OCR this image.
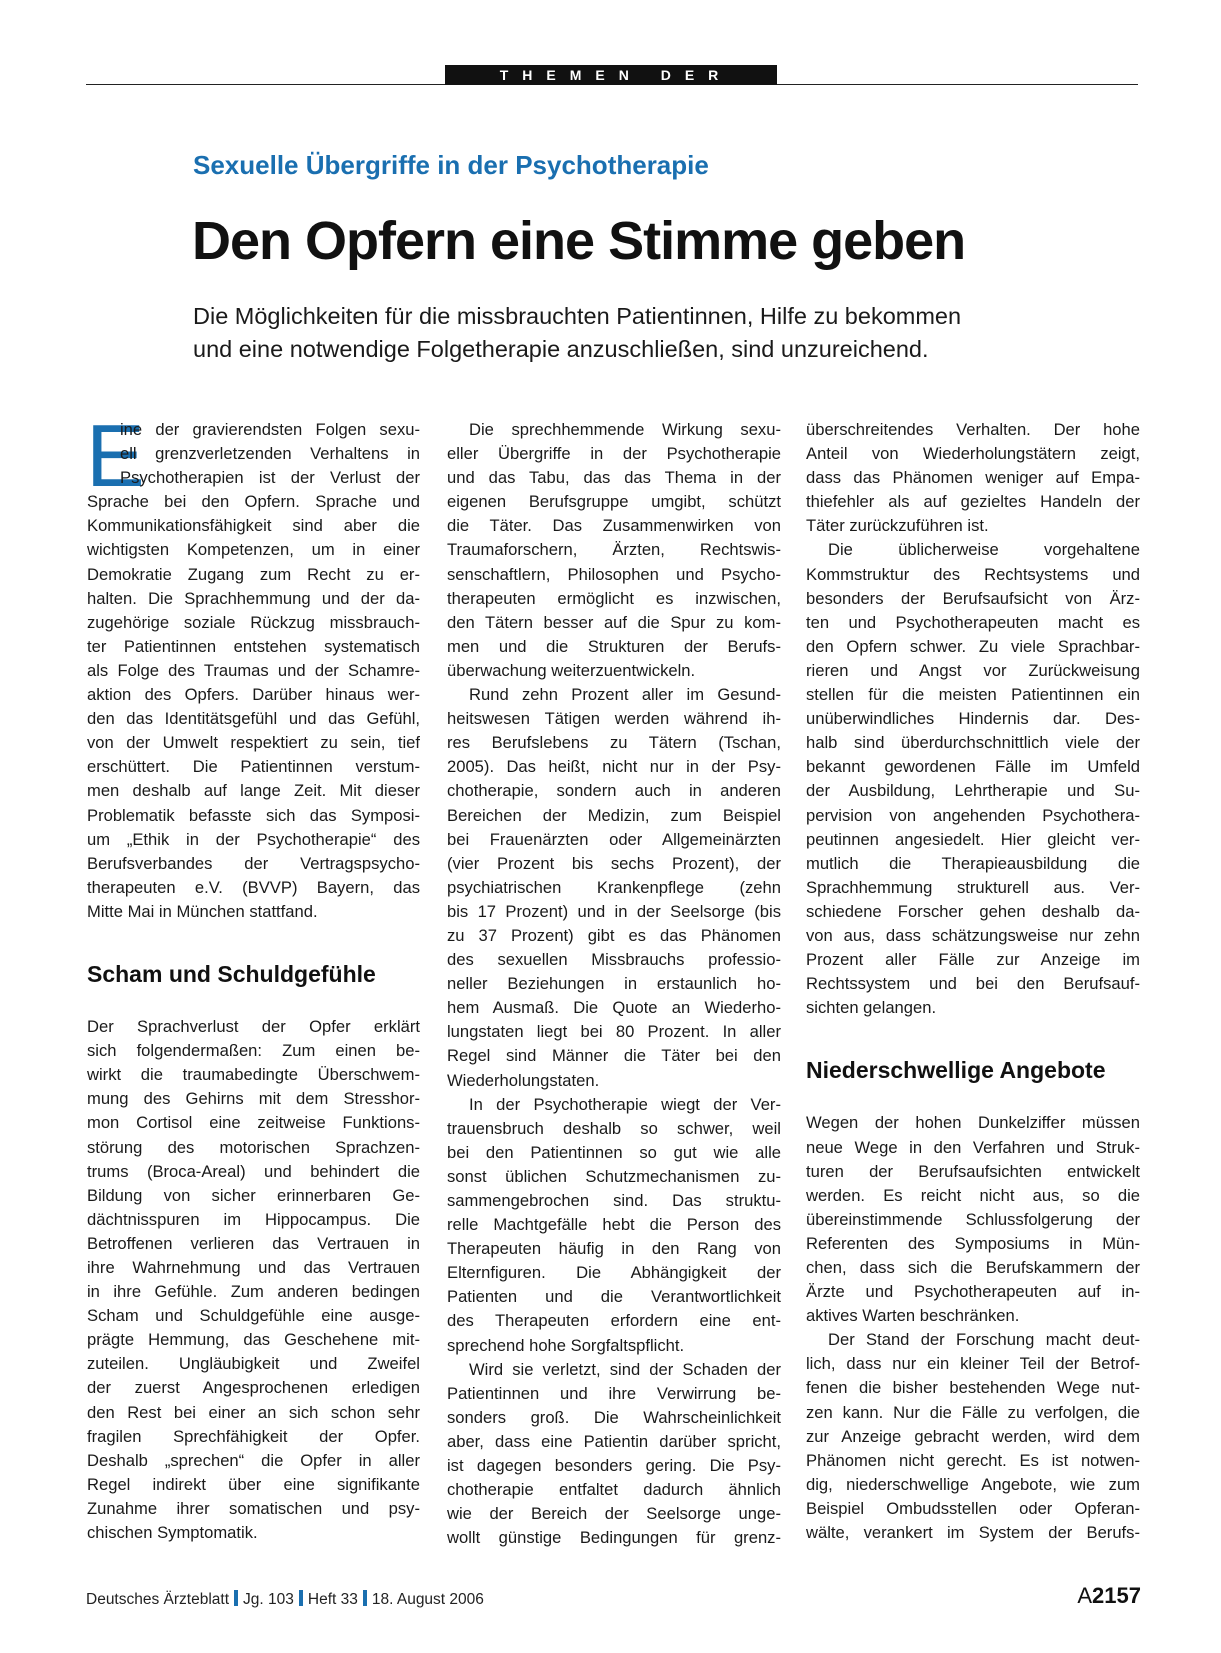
THEMEN DER ZEIT
Sexuelle Übergriffe in der Psychotherapie
Den Opfern eine Stimme geben
Die Möglichkeiten für die missbrauchten Patientinnen, Hilfe zu bekommen
und eine notwendige Folgetherapie anzuschließen, sind unzureichend.
E
ine der gravierendsten Folgen sexu-
ell grenzverletzenden Verhaltens in
Psychotherapien ist der Verlust der
Sprache bei den Opfern. Sprache und
Kommunikationsfähigkeit sind aber die
wichtigsten Kompetenzen, um in einer
Demokratie Zugang zum Recht zu er-
halten. Die Sprachhemmung und der da-
zugehörige soziale Rückzug missbrauch-
ter Patientinnen entstehen systematisch
als Folge des Traumas und der Schamre-
aktion des Opfers. Darüber hinaus wer-
den das Identitätsgefühl und das Gefühl,
von der Umwelt respektiert zu sein, tief
erschüttert. Die Patientinnen verstum-
men deshalb auf lange Zeit. Mit dieser
Problematik befasste sich das Symposi-
um „Ethik in der Psychotherapie“ des
Berufsverbandes der Vertragspsycho-
therapeuten e.V. (BVVP) Bayern, das
Mitte Mai in München stattfand.
Scham und Schuldgefühle
Der Sprachverlust der Opfer erklärt
sich folgendermaßen: Zum einen be-
wirkt die traumabedingte Überschwem-
mung des Gehirns mit dem Stresshor-
mon Cortisol eine zeitweise Funktions-
störung des motorischen Sprachzen-
trums (Broca-Areal) und behindert die
Bildung von sicher erinnerbaren Ge-
dächtnisspuren im Hippocampus. Die
Betroffenen verlieren das Vertrauen in
ihre Wahrnehmung und das Vertrauen
in ihre Gefühle. Zum anderen bedingen
Scham und Schuldgefühle eine ausge-
prägte Hemmung, das Geschehene mit-
zuteilen. Ungläubigkeit und Zweifel
der zuerst Angesprochenen erledigen
den Rest bei einer an sich schon sehr
fragilen Sprechfähigkeit der Opfer.
Deshalb „sprechen“ die Opfer in aller
Regel indirekt über eine signifikante
Zunahme ihrer somatischen und psy-
chischen Symptomatik.
Die sprechhemmende Wirkung sexu-
eller Übergriffe in der Psychotherapie
und das Tabu, das das Thema in der
eigenen Berufsgruppe umgibt, schützt
die Täter. Das Zusammenwirken von
Traumaforschern, Ärzten, Rechtswis-
senschaftlern, Philosophen und Psycho-
therapeuten ermöglicht es inzwischen,
den Tätern besser auf die Spur zu kom-
men und die Strukturen der Berufs-
überwachung weiterzuentwickeln.
Rund zehn Prozent aller im Gesund-
heitswesen Tätigen werden während ih-
res Berufslebens zu Tätern (Tschan,
2005). Das heißt, nicht nur in der Psy-
chotherapie, sondern auch in anderen
Bereichen der Medizin, zum Beispiel
bei Frauenärzten oder Allgemeinärzten
(vier Prozent bis sechs Prozent), der
psychiatrischen Krankenpflege (zehn
bis 17 Prozent) und in der Seelsorge (bis
zu 37 Prozent) gibt es das Phänomen
des sexuellen Missbrauchs professio-
neller Beziehungen in erstaunlich ho-
hem Ausmaß. Die Quote an Wiederho-
lungstaten liegt bei 80 Prozent. In aller
Regel sind Männer die Täter bei den
Wiederholungstaten.
In der Psychotherapie wiegt der Ver-
trauensbruch deshalb so schwer, weil
bei den Patientinnen so gut wie alle
sonst üblichen Schutzmechanismen zu-
sammengebrochen sind. Das struktu-
relle Machtgefälle hebt die Person des
Therapeuten häufig in den Rang von
Elternfiguren. Die Abhängigkeit der
Patienten und die Verantwortlichkeit
des Therapeuten erfordern eine ent-
sprechend hohe Sorgfaltspflicht.
Wird sie verletzt, sind der Schaden der
Patientinnen und ihre Verwirrung be-
sonders groß. Die Wahrscheinlichkeit
aber, dass eine Patientin darüber spricht,
ist dagegen besonders gering. Die Psy-
chotherapie entfaltet dadurch ähnlich
wie der Bereich der Seelsorge unge-
wollt günstige Bedingungen für grenz-
überschreitendes Verhalten. Der hohe
Anteil von Wiederholungstätern zeigt,
dass das Phänomen weniger auf Empa-
thiefehler als auf gezieltes Handeln der
Täter zurückzuführen ist.
Die üblicherweise vorgehaltene
Kommstruktur des Rechtsystems und
besonders der Berufsaufsicht von Ärz-
ten und Psychotherapeuten macht es
den Opfern schwer. Zu viele Sprachbar-
rieren und Angst vor Zurückweisung
stellen für die meisten Patientinnen ein
unüberwindliches Hindernis dar. Des-
halb sind überdurchschnittlich viele der
bekannt gewordenen Fälle im Umfeld
der Ausbildung, Lehrtherapie und Su-
pervision von angehenden Psychothera-
peutinnen angesiedelt. Hier gleicht ver-
mutlich die Therapieausbildung die
Sprachhemmung strukturell aus. Ver-
schiedene Forscher gehen deshalb da-
von aus, dass schätzungsweise nur zehn
Prozent aller Fälle zur Anzeige im
Rechtssystem und bei den Berufsauf-
sichten gelangen.
Niederschwellige Angebote
Wegen der hohen Dunkelziffer müssen
neue Wege in den Verfahren und Struk-
turen der Berufsaufsichten entwickelt
werden. Es reicht nicht aus, so die
übereinstimmende Schlussfolgerung der
Referenten des Symposiums in Mün-
chen, dass sich die Berufskammern der
Ärzte und Psychotherapeuten auf in-
aktives Warten beschränken.
Der Stand der Forschung macht deut-
lich, dass nur ein kleiner Teil der Betrof-
fenen die bisher bestehenden Wege nut-
zen kann. Nur die Fälle zu verfolgen, die
zur Anzeige gebracht werden, wird dem
Phänomen nicht gerecht. Es ist notwen-
dig, niederschwellige Angebote, wie zum
Beispiel Ombudsstellen oder Opferan-
wälte, verankert im System der Berufs-
Deutsches Ärzteblatt Jg. 103 Heft 33 18. August 2006	A2157
